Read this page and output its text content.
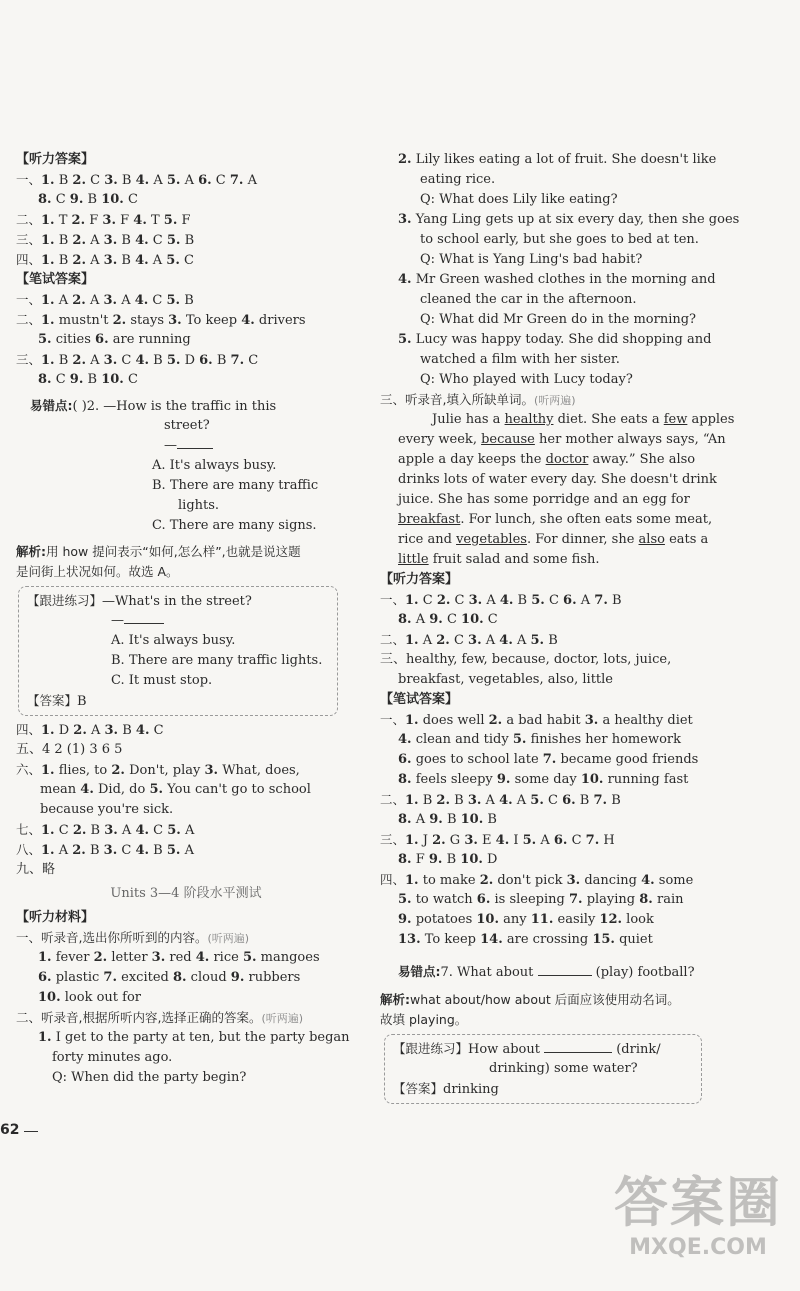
【听力答案】
一、1. B 2. C 3. B 4. A 5. A 6. C 7. A
8. C 9. B 10. C
二、1. T 2. F 3. F 4. T 5. F
三、1. B 2. A 3. B 4. C 5. B
四、1. B 2. A 3. B 4. A 5. C
【笔试答案】
一、1. A 2. A 3. A 4. C 5. B
二、1. mustn't 2. stays 3. To keep 4. drivers
5. cities 6. are running
三、1. B 2. A 3. C 4. B 5. D 6. B 7. C
8. C 9. B 10. C
易错点:( )2. —How is the traffic in this
street?
—
A. It's always busy.
B. There are many traffic
lights.
C. There are many signs.
解析:用 how 提问表示“如何,怎么样”,也就是说这题
是问街上状况如何。故选 A。
【跟进练习】—What's in the street?
—
A. It's always busy.
B. There are many traffic lights.
C. It must stop.
【答案】B
四、1. D 2. A 3. B 4. C
五、4 2 (1) 3 6 5
六、1. flies, to 2. Don't, play 3. What, does,
mean 4. Did, do 5. You can't go to school
because you're sick.
七、1. C 2. B 3. A 4. C 5. A
八、1. A 2. B 3. C 4. B 5. A
九、略
Units 3—4 阶段水平测试
【听力材料】
一、听录音,选出你所听到的内容。(听两遍)
1. fever 2. letter 3. red 4. rice 5. mangoes
6. plastic 7. excited 8. cloud 9. rubbers
10. look out for
二、听录音,根据所听内容,选择正确的答案。(听两遍)
1. I get to the party at ten, but the party began
forty minutes ago.
Q: When did the party begin?
62
2. Lily likes eating a lot of fruit. She doesn't like
eating rice.
Q: What does Lily like eating?
3. Yang Ling gets up at six every day, then she goes
to school early, but she goes to bed at ten.
Q: What is Yang Ling's bad habit?
4. Mr Green washed clothes in the morning and
cleaned the car in the afternoon.
Q: What did Mr Green do in the morning?
5. Lucy was happy today. She did shopping and
watched a film with her sister.
Q: Who played with Lucy today?
三、听录音,填入所缺单词。(听两遍)
Julie has a healthy diet. She eats a few apples
every week, because her mother always says, “An
apple a day keeps the doctor away.” She also
drinks lots of water every day. She doesn't drink
juice. She has some porridge and an egg for
breakfast. For lunch, she often eats some meat,
rice and vegetables. For dinner, she also eats a
little fruit salad and some fish.
【听力答案】
一、1. C 2. C 3. A 4. B 5. C 6. A 7. B
8. A 9. C 10. C
二、1. A 2. C 3. A 4. A 5. B
三、healthy, few, because, doctor, lots, juice,
breakfast, vegetables, also, little
【笔试答案】
一、1. does well 2. a bad habit 3. a healthy diet
4. clean and tidy 5. finishes her homework
6. goes to school late 7. became good friends
8. feels sleepy 9. some day 10. running fast
二、1. B 2. B 3. A 4. A 5. C 6. B 7. B
8. A 9. B 10. B
三、1. J 2. G 3. E 4. I 5. A 6. C 7. H
8. F 9. B 10. D
四、1. to make 2. don't pick 3. dancing 4. some
5. to watch 6. is sleeping 7. playing 8. rain
9. potatoes 10. any 11. easily 12. look
13. To keep 14. are crossing 15. quiet
易错点:7. What about	(play) football?
解析:what about/how about 后面应该使用动名词。
故填 playing。
【跟进练习】How about	(drink/
drinking) some water?
【答案】drinking
答案圈
MXQE.COM
